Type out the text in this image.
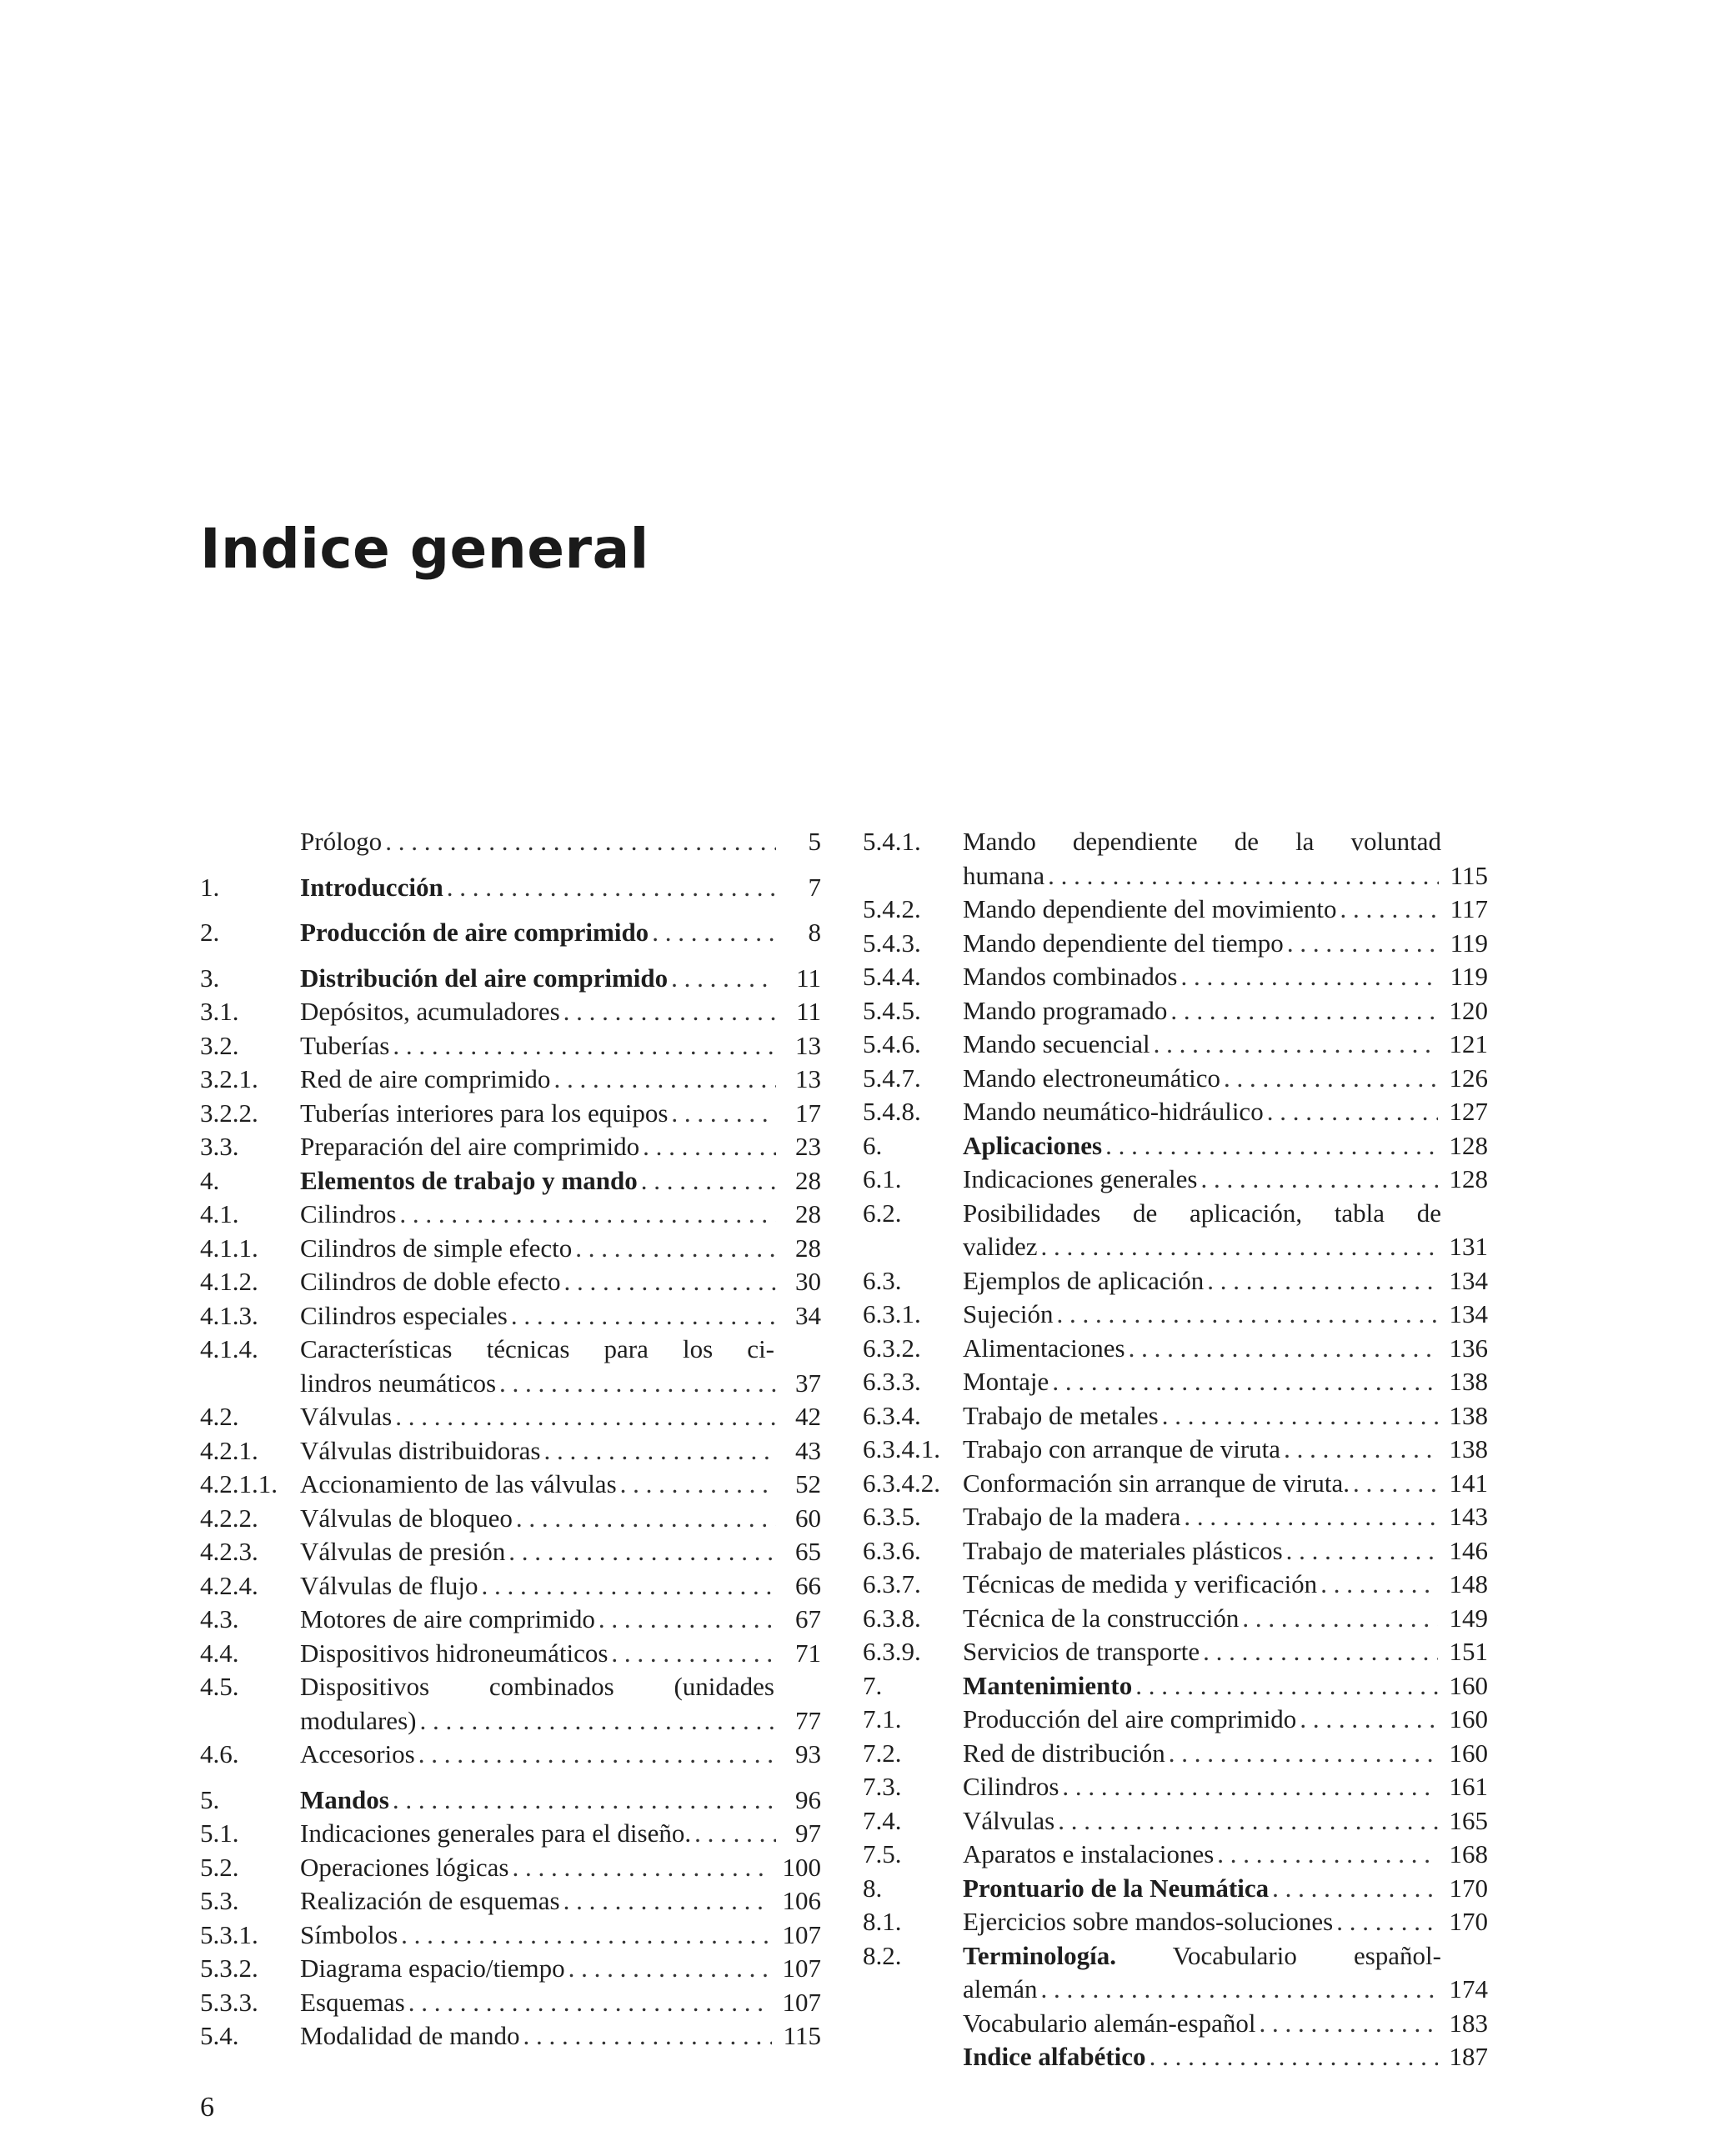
Indice general
Prólogo . . .	5
1.	Introducción . . .	7
2.	Producción de aire comprimido . . .	8
3.	Distribución del aire comprimido . . .	11
3.1. Depósitos, acumuladores . . .	11
3.2. Tuberías . . .	13
3.2.1. Red de aire comprimido . . .	13
3.2.2. Tuberías interiores para los equipos . . .	17
3.3. Preparación del aire comprimido . . .	23
4.	Elementos de trabajo y mando . . .	28
4.1. Cilindros . . .	28
4.1.1. Cilindros de simple efecto . . .	28
4.1.2. Cilindros de doble efecto . . .	30
4.1.3. Cilindros especiales . . .	34
4.1.4. Características técnicas para los ci-
lindros neumáticos . . .	37
4.2. Válvulas . . .	42
4.2.1. Válvulas distribuidoras . . .	43
4.2.1.1. Accionamiento de las válvulas . . .	52
4.2.2. Válvulas de bloqueo . . .	60
4.2.3. Válvulas de presión . . .	65
4.2.4. Válvulas de flujo . . .	66
4.3. Motores de aire comprimido . . .	67
4.4. Dispositivos hidroneumáticos . . .	71
4.5. Dispositivos combinados (unidades
modulares) . . .	77
4.6. Accesorios . . .	93
5.	Mandos . . .	96
5.1. Indicaciones generales para el diseño. . . .	97
5.2. Operaciones lógicas . . .	100
5.3. Realización de esquemas . . .	106
5.3.1. Símbolos . . .	107
5.3.2. Diagrama espacio/tiempo . . .	107
5.3.3. Esquemas . . .	107
5.4. Modalidad de mando . . .	115
5.4.1. Mando dependiente de la voluntad
humana . . .	115
5.4.2. Mando dependiente del movimiento . . .	117
5.4.3. Mando dependiente del tiempo . . .	119
5.4.4. Mandos combinados . . .	119
5.4.5. Mando programado . . .	120
5.4.6. Mando secuencial . . .	121
5.4.7. Mando electroneumático . . .	126
5.4.8. Mando neumático-hidráulico . . .	127
6.	Aplicaciones . . .	128
6.1. Indicaciones generales . . .	128
6.2. Posibilidades de aplicación, tabla de
validez . . .	131
6.3. Ejemplos de aplicación . . .	134
6.3.1. Sujeción . . .	134
6.3.2. Alimentaciones . . .	136
6.3.3. Montaje . . .	138
6.3.4. Trabajo de metales . . .	138
6.3.4.1. Trabajo con arranque de viruta . . .	138
6.3.4.2. Conformación sin arranque de viruta. . . .	141
6.3.5. Trabajo de la madera . . .	143
6.3.6. Trabajo de materiales plásticos . . .	146
6.3.7. Técnicas de medida y verificación . . .	148
6.3.8. Técnica de la construcción . . .	149
6.3.9. Servicios de transporte . . .	151
7.	Mantenimiento . . .	160
7.1. Producción del aire comprimido . . .	160
7.2. Red de distribución . . .	160
7.3. Cilindros . . .	161
7.4. Válvulas . . .	165
7.5. Aparatos e instalaciones . . .	168
8.	Prontuario de la Neumática . . .	170
8.1. Ejercicios sobre mandos-soluciones . . .	170
8.2. Terminología. Vocabulario español-
alemán . . .	174
Vocabulario alemán-español . . .	183
Indice alfabético . . .	187
6
